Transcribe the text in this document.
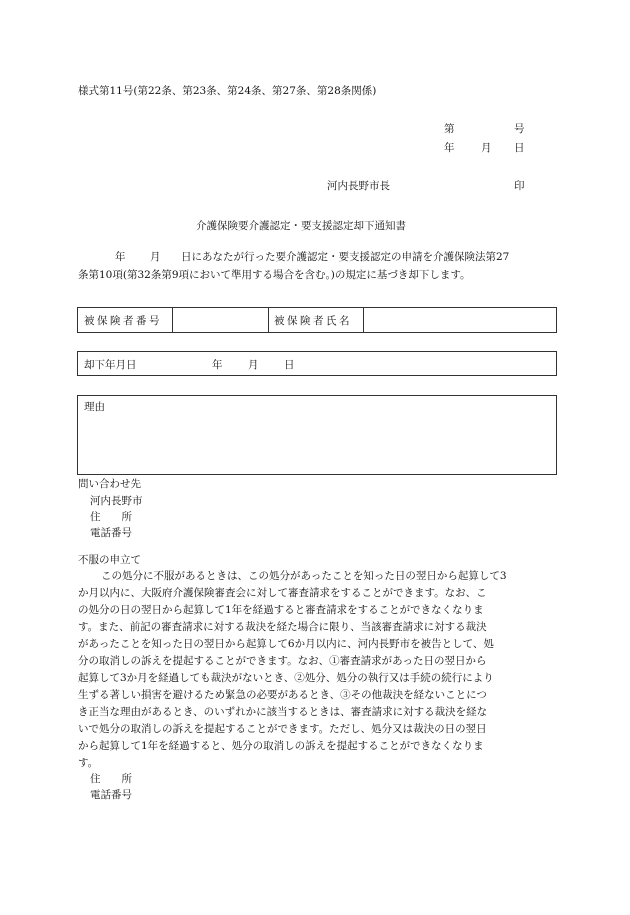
様式第11号(第22条、第23条、第24条、第27条、第28条関係)
第	号
年	月 日
河内長野市長	印
介護保険要介護認定・要支援認定却下通知書
年 月 日にあなたが行った要介護認定・要支援認定の申請を介護保険法第27
条第10項(第32条第9項において準用する場合を含む。)の規定に基づき却下します。
被保険者番号	被保険者氏名
却下年月日	年 月 日
理由
問い合わせ先
河内長野市
住　　所
電話番号
不服の申立て
この処分に不服があるときは、この処分があったことを知った日の翌日から起算して3
か月以内に、大阪府介護保険審査会に対して審査請求をすることができます。なお、こ
の処分の日の翌日から起算して1年を経過すると審査請求をすることができなくなりま
す。また、前記の審査請求に対する裁決を経た場合に限り、当該審査請求に対する裁決
があったことを知った日の翌日から起算して6か月以内に、河内長野市を被告として、処
分の取消しの訴えを提起することができます。なお、①審査請求があった日の翌日から
起算して3か月を経過しても裁決がないとき、②処分、処分の執行又は手続の続行により
生ずる著しい損害を避けるため緊急の必要があるとき、③その他裁決を経ないことにつ
き正当な理由があるとき、のいずれかに該当するときは、審査請求に対する裁決を経な
いで処分の取消しの訴えを提起することができます。ただし、処分又は裁決の日の翌日
から起算して1年を経過すると、処分の取消しの訴えを提起することができなくなりま
す。
住　　所
電話番号
